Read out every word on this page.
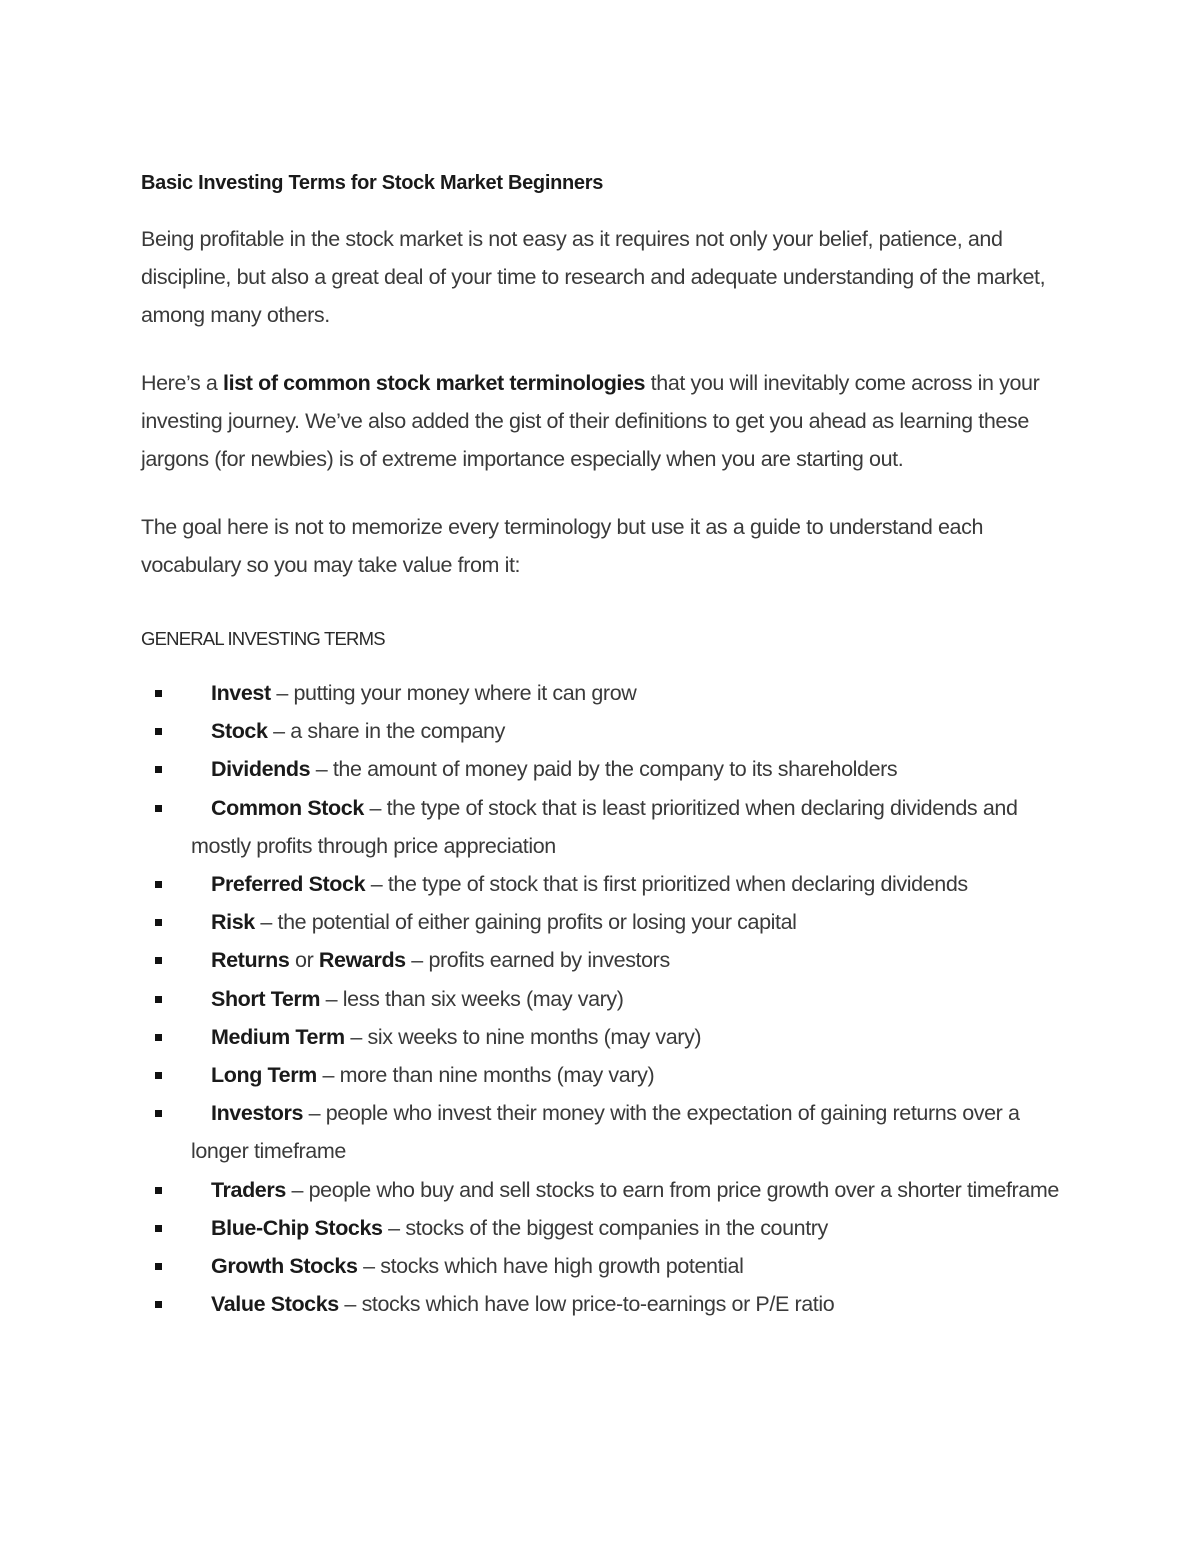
Basic Investing Terms for Stock Market Beginners

Being profitable in the stock market is not easy as it requires not only your belief, patience, and discipline, but also a great deal of your time to research and adequate understanding of the market, among many others.

Here’s a list of common stock market terminologies that you will inevitably come across in your investing journey. We’ve also added the gist of their definitions to get you ahead as learning these jargons (for newbies) is of extreme importance especially when you are starting out.

The goal here is not to memorize every terminology but use it as a guide to understand each vocabulary so you may take value from it:

GENERAL INVESTING TERMS
Invest – putting your money where it can grow
Stock – a share in the company
Dividends – the amount of money paid by the company to its shareholders
Common Stock – the type of stock that is least prioritized when declaring dividends and mostly profits through price appreciation
Preferred Stock – the type of stock that is first prioritized when declaring dividends
Risk – the potential of either gaining profits or losing your capital
Returns or Rewards – profits earned by investors
Short Term – less than six weeks (may vary)
Medium Term – six weeks to nine months (may vary)
Long Term – more than nine months (may vary)
Investors – people who invest their money with the expectation of gaining returns over a longer timeframe
Traders – people who buy and sell stocks to earn from price growth over a shorter timeframe
Blue-Chip Stocks – stocks of the biggest companies in the country
Growth Stocks – stocks which have high growth potential
Value Stocks – stocks which have low price-to-earnings or P/E ratio
